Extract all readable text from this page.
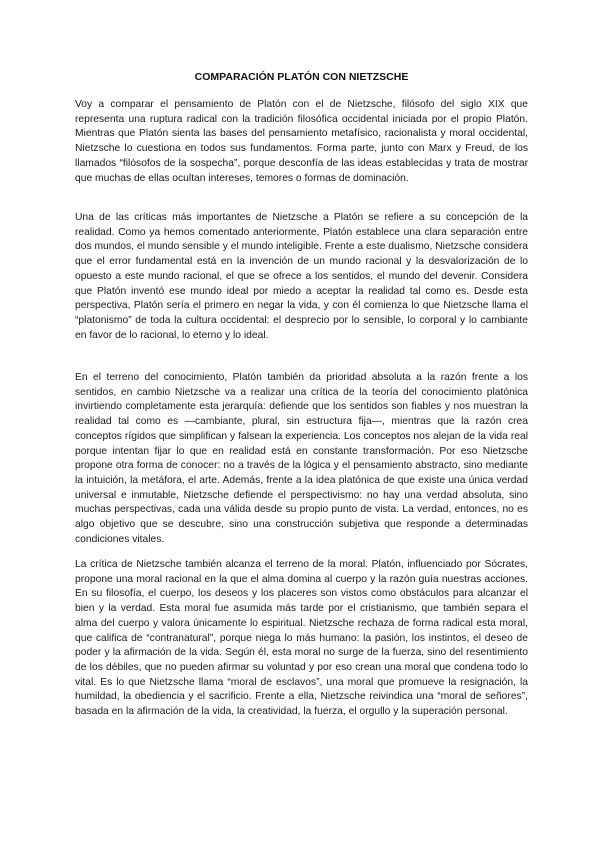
COMPARACIÓN PLATÓN CON NIETZSCHE

Voy a comparar el pensamiento de Platón con el de Nietzsche, filósofo del siglo XIX que representa una ruptura radical con la tradición filosófica occidental iniciada por el propio Platón. Mientras que Platón sienta las bases del pensamiento metafísico, racionalista y moral occidental, Nietzsche lo cuestiona en todos sus fundamentos. Forma parte, junto con Marx y Freud, de los llamados “filósofos de la sospecha”, porque desconfía de las ideas establecidas y trata de mostrar que muchas de ellas ocultan intereses, temores o formas de dominación.

Una de las críticas más importantes de Nietzsche a Platón se refiere a su concepción de la realidad. Como ya hemos comentado anteriormente, Platón establece una clara separación entre dos mundos, el mundo sensible y el mundo inteligible. Frente a este dualismo, Nietzsche considera que el error fundamental está en la invención de un mundo racional y la desvalorización de lo opuesto a este mundo racional, el que se ofrece a los sentidos, el mundo del devenir. Considera que Platón inventó ese mundo ideal por miedo a aceptar la realidad tal como es. Desde esta perspectiva, Platón sería el primero en negar la vida, y con él comienza lo que Nietzsche llama el “platonismo” de toda la cultura occidental: el desprecio por lo sensible, lo corporal y lo cambiante en favor de lo racional, lo eterno y lo ideal.

En el terreno del conocimiento, Platón también da prioridad absoluta a la razón frente a los sentidos, en cambio Nietzsche va a realizar una crítica de la teoría del conocimiento platónica invirtiendo completamente esta jerarquía: defiende que los sentidos son fiables y nos muestran la realidad tal como es —cambiante, plural, sin estructura fija—, mientras que la razón crea conceptos rígidos que simplifican y falsean la experiencia. Los conceptos nos alejan de la vida real porque intentan fijar lo que en realidad está en constante transformación. Por eso Nietzsche propone otra forma de conocer: no a través de la lógica y el pensamiento abstracto, sino mediante la intuición, la metáfora, el arte. Además, frente a la idea platónica de que existe una única verdad universal e inmutable, Nietzsche defiende el perspectivismo: no hay una verdad absoluta, sino muchas perspectivas, cada una válida desde su propio punto de vista. La verdad, entonces, no es algo objetivo que se descubre, sino una construcción subjetiva que responde a determinadas condiciones vitales.

La crítica de Nietzsche también alcanza el terreno de la moral. Platón, influenciado por Sócrates, propone una moral racional en la que el alma domina al cuerpo y la razón guía nuestras acciones. En su filosofía, el cuerpo, los deseos y los placeres son vistos como obstáculos para alcanzar el bien y la verdad. Esta moral fue asumida más tarde por el cristianismo, que también separa el alma del cuerpo y valora únicamente lo espiritual. Nietzsche rechaza de forma radical esta moral, que califica de “contranatural”, porque niega lo más humano: la pasión, los instintos, el deseo de poder y la afirmación de la vida. Según él, esta moral no surge de la fuerza, sino del resentimiento de los débiles, que no pueden afirmar su voluntad y por eso crean una moral que condena todo lo vital. Es lo que Nietzsche llama “moral de esclavos”, una moral que promueve la resignación, la humildad, la obediencia y el sacrificio. Frente a ella, Nietzsche reivindica una “moral de señores”, basada en la afirmación de la vida, la creatividad, la fuerza, el orgullo y la superación personal.
